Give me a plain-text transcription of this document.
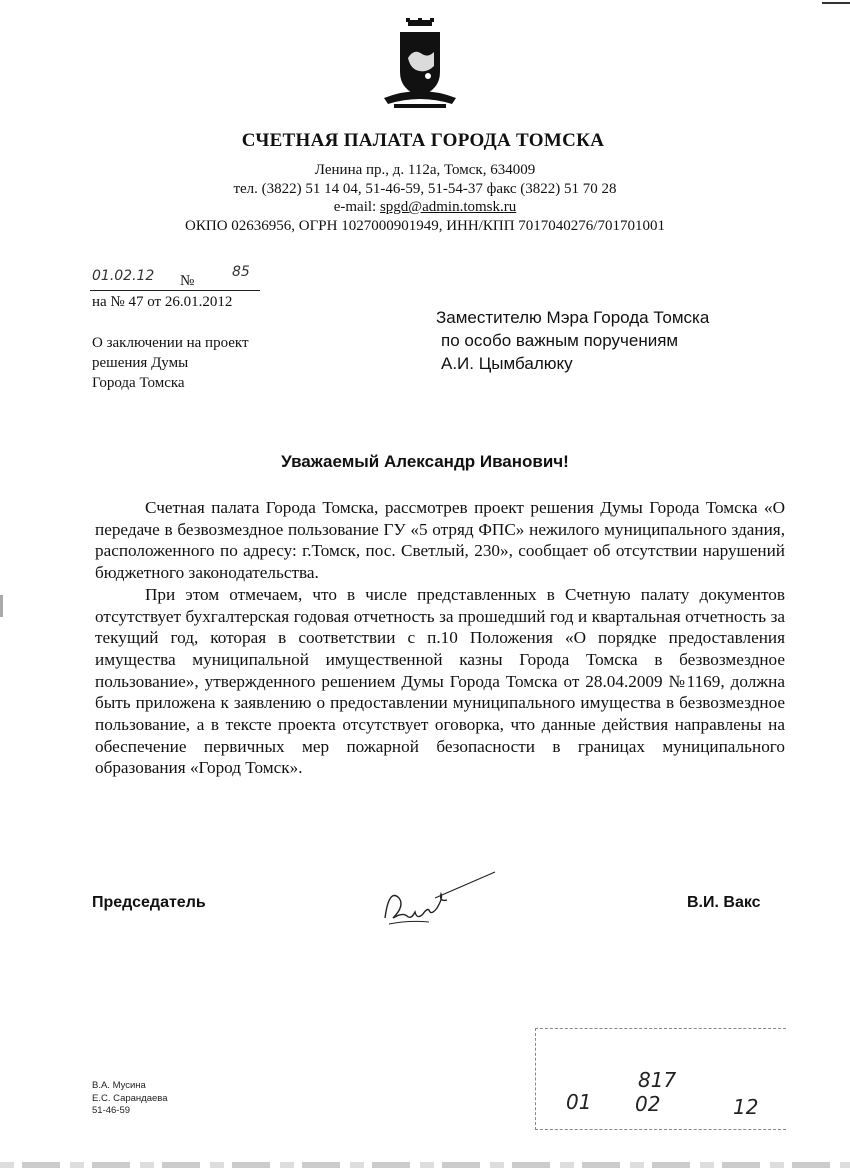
СЧЕТНАЯ ПАЛАТА ГОРОДА ТОМСКА
Ленина пр., д. 112а, Томск, 634009
тел. (3822) 51 14 04, 51-46-59, 51-54-37 факс (3822) 51 70 28
e-mail: spgd@admin.tomsk.ru
ОКПО 02636956, ОГРН 1027000901949, ИНН/КПП 7017040276/701701001
01.02.12 №
85
на № 47 от 26.01.2012
О заключении на проект
решения Думы
Города Томска
Заместителю Мэра Города Томска
по особо важным поручениям
А.И. Цымбалюку
Уважаемый Александр Иванович!

Счетная палата Города Томска, рассмотрев проект решения Думы Города Томска «О передаче в безвозмездное пользование ГУ «5 отряд ФПС» нежилого муниципального здания, расположенного по адресу: г.Томск, пос. Светлый, 230», сообщает об отсутствии нарушений бюджетного законодательства.

При этом отмечаем, что в числе представленных в Счетную палату документов отсутствует бухгалтерская годовая отчетность за прошедший год и квартальная отчетность за текущий год, которая в соответствии с п.10 Положения «О порядке предоставления имущества муниципальной имущественной казны Города Томска в безвозмездное пользование», утвержденного решением Думы Города Томска от 28.04.2009 №1169, должна быть приложена к заявлению о предоставлении муниципального имущества в безвозмездное пользование, а в тексте проекта отсутствует оговорка, что данные действия направлены на обеспечение первичных мер пожарной безопасности в границах муниципального образования «Город Томск».

Председатель	В.И. Вакс
В.А. Мусина
Е.С. Сарандаева
51-46-59	01
817
02	12
